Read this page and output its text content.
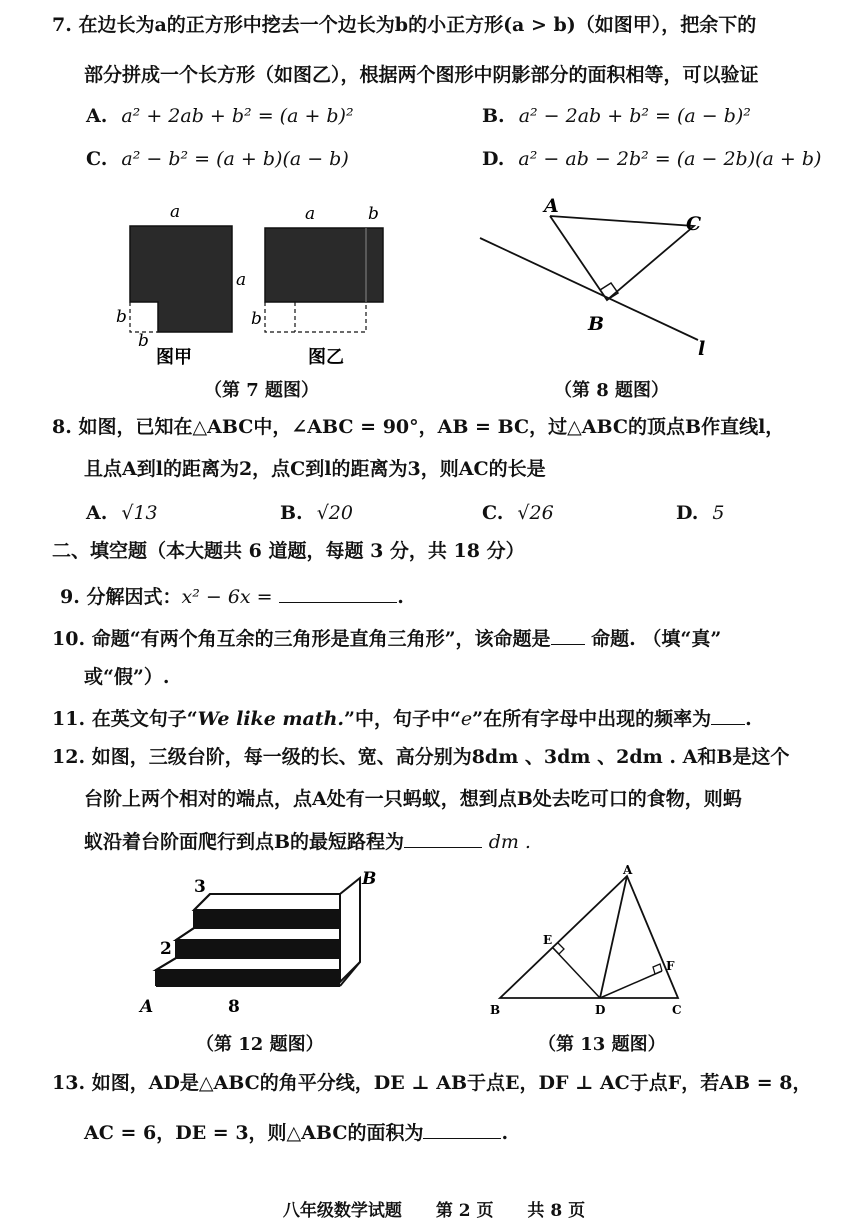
7. 在边长为a的正方形中挖去一个边长为b的小正方形(a > b)（如图甲），把余下的
部分拼成一个长方形（如图乙），根据两个图形中阴影部分的面积相等，可以验证
A. a² + 2ab + b² = (a + b)²	B. a² − 2ab + b² = (a − b)²
C. a² − b² = (a + b)(a − b)	D. a² − ab − 2b² = (a − 2b)(a + b)
a
a
b
b
图甲
a	b
b
图乙
（第 7 题图）
A
B
C
l
（第 8 题图）
8. 如图，已知在△ABC中，∠ABC = 90°，AB = BC，过△ABC的顶点B作直线l，
且点A到l的距离为2，点C到l的距离为3，则AC的长是
A. √13	B. √20	C. √26	D. 5
二、填空题（本大题共 6 道题，每题 3 分，共 18 分）
9. 分解因式：x² − 6x =	.
10. 命题“有两个角互余的三角形是直角三角形”，该命题是 命题. （填“真”
或“假”）.
11. 在英文句子“We like math.”中，句子中“e”在所有字母中出现的频率为 .
12. 如图，三级台阶，每一级的长、宽、高分别为8dm 、3dm 、2dm . A和B是这个
台阶上两个相对的端点，点A处有一只蚂蚁，想到点B处去吃可口的食物，则蚂
蚁沿着台阶面爬行到点B的最短路程为	dm .
3
2
8
A
B
（第 12 题图）
A
B	C
D
E
F
（第 13 题图）
13. 如图，AD是△ABC的角平分线，DE ⊥ AB于点E，DF ⊥ AC于点F，若AB = 8，
AC = 6，DE = 3，则△ABC的面积为	.
八年级数学试题 第 2 页 共 8 页
